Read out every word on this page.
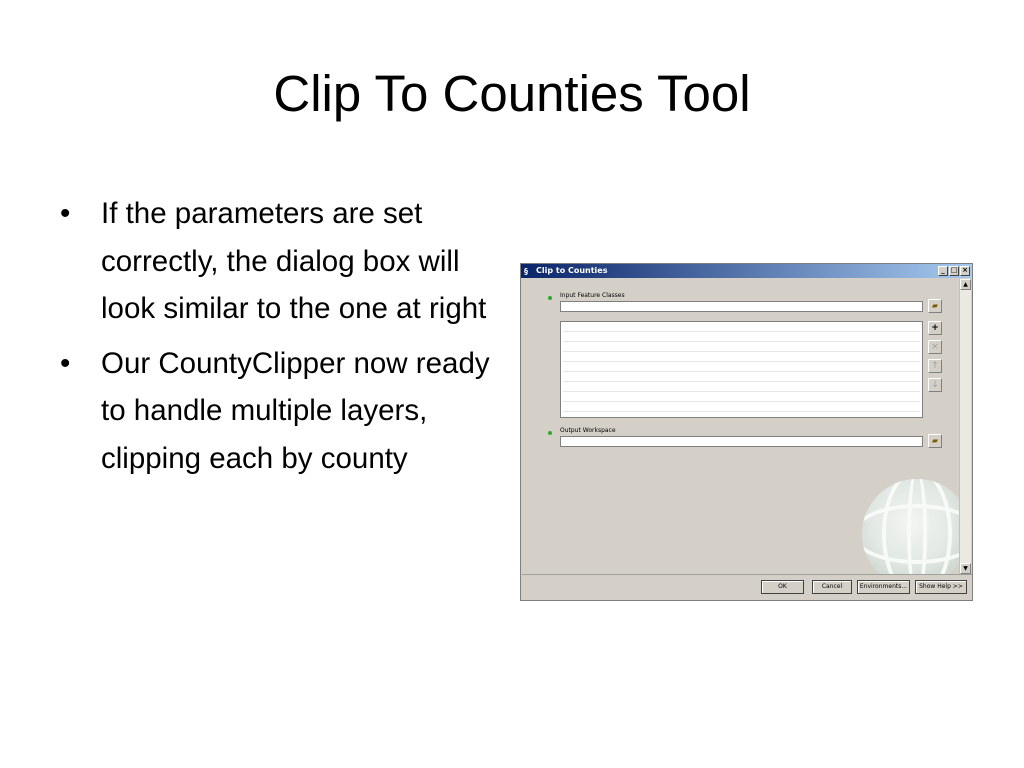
Clip To Counties Tool
• If the parameters are set correctly, the dialog box will look similar to the one at right
• Our CountyClipper now ready to handle multiple layers, clipping each by county
§ Clip to Counties	_ □ ×
Input Feature Classes
▰
+
×
↑
↓
Output Workspace
▰
▲
▼
OK	Cancel	Environments...	Show Help >>
